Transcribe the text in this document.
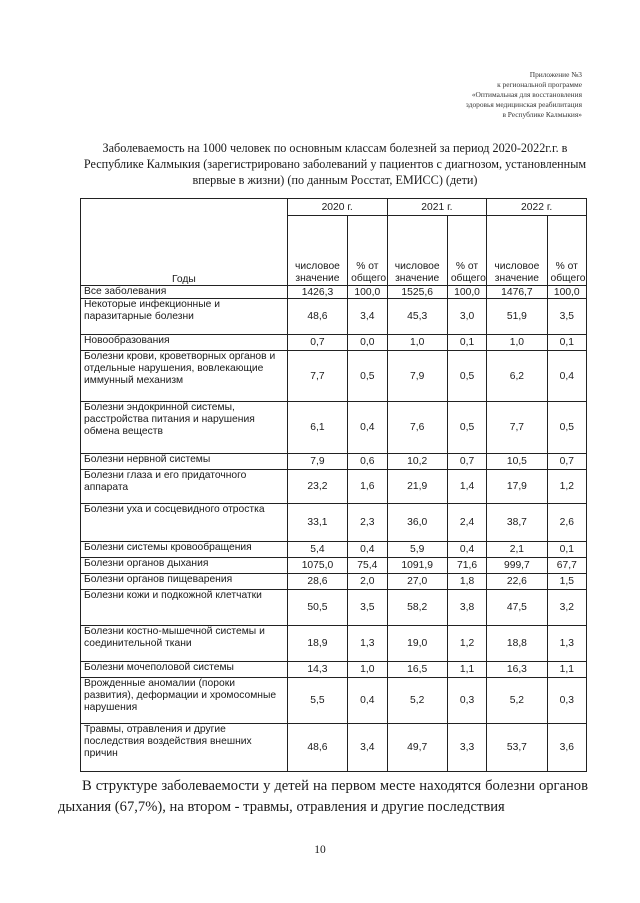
Приложение №3
к региональной программе
«Оптимальная для восстановления
здоровья медицинская реабилитация
в Республике Калмыкия»
Заболеваемость на 1000 человек по основным классам болезней за период 2020-2022г.г. в Республике Калмыкия (зарегистрировано заболеваний у пациентов с диагнозом, установленным впервые в жизни) (по данным Росстат, ЕМИСС) (дети)
Годы	2020 г.		2021 г.		2022 г.	
	числовое значение	% от общего	числовое значение	% от общего	числовое значение	% от общего
Все заболевания	1426,3	100,0	1525,6	100,0	1476,7	100,0
Некоторые инфекционные и паразитарные болезни	48,6	3,4	45,3	3,0	51,9	3,5
Новообразования	0,7	0,0	1,0	0,1	1,0	0,1
Болезни крови, кроветворных органов и отдельные нарушения, вовлекающие иммунный механизм	7,7	0,5	7,9	0,5	6,2	0,4
Болезни эндокринной системы, расстройства питания и нарушения обмена веществ	6,1	0,4	7,6	0,5	7,7	0,5
Болезни нервной системы	7,9	0,6	10,2	0,7	10,5	0,7
Болезни глаза и его придаточного аппарата	23,2	1,6	21,9	1,4	17,9	1,2
Болезни уха и сосцевидного отростка	33,1	2,3	36,0	2,4	38,7	2,6
Болезни системы кровообращения	5,4	0,4	5,9	0,4	2,1	0,1
Болезни органов дыхания	1075,0	75,4	1091,9	71,6	999,7	67,7
Болезни органов пищеварения	28,6	2,0	27,0	1,8	22,6	1,5
Болезни кожи и подкожной клетчатки	50,5	3,5	58,2	3,8	47,5	3,2
Болезни костно-мышечной системы и соединительной ткани	18,9	1,3	19,0	1,2	18,8	1,3
Болезни мочеполовой системы	14,3	1,0	16,5	1,1	16,3	1,1
Врожденные аномалии (пороки развития), деформации и хромосомные нарушения	5,5	0,4	5,2	0,3	5,2	0,3
Травмы, отравления и другие последствия воздействия внешних причин	48,6	3,4	49,7	3,3	53,7	3,6
В структуре заболеваемости у детей на первом месте находятся болезни органов дыхания (67,7%), на втором - травмы, отравления и другие последствия
10
